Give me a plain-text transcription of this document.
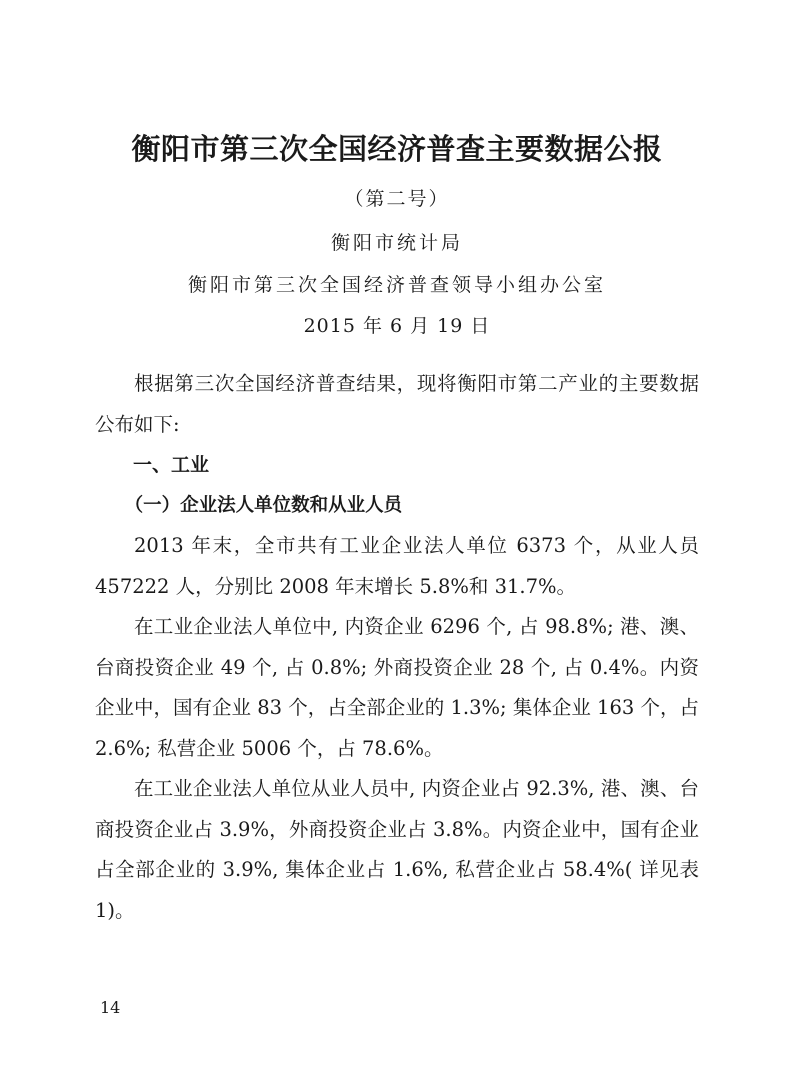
衡阳市第三次全国经济普查主要数据公报
（第二号）
衡阳市统计局
衡阳市第三次全国经济普查领导小组办公室
2015 年 6 月 19 日

根据第三次全国经济普查结果，现将衡阳市第二产业的主要数据公布如下:

一、工业

（一）企业法人单位数和从业人员

2013 年末，全市共有工业企业法人单位 6373 个，从业人员 457222 人，分别比 2008 年末增长 5.8%和 31.7%。

在工业企业法人单位中, 内资企业 6296 个, 占 98.8%; 港、澳、台商投资企业 49 个, 占 0.8%; 外商投资企业 28 个, 占 0.4%。内资企业中，国有企业 83 个，占全部企业的 1.3%; 集体企业 163 个，占 2.6%; 私营企业 5006 个，占 78.6%。

在工业企业法人单位从业人员中, 内资企业占 92.3%, 港、澳、台商投资企业占 3.9%，外商投资企业占 3.8%。内资企业中，国有企业占全部企业的 3.9%, 集体企业占 1.6%, 私营企业占 58.4%( 详见表 1)。

14
